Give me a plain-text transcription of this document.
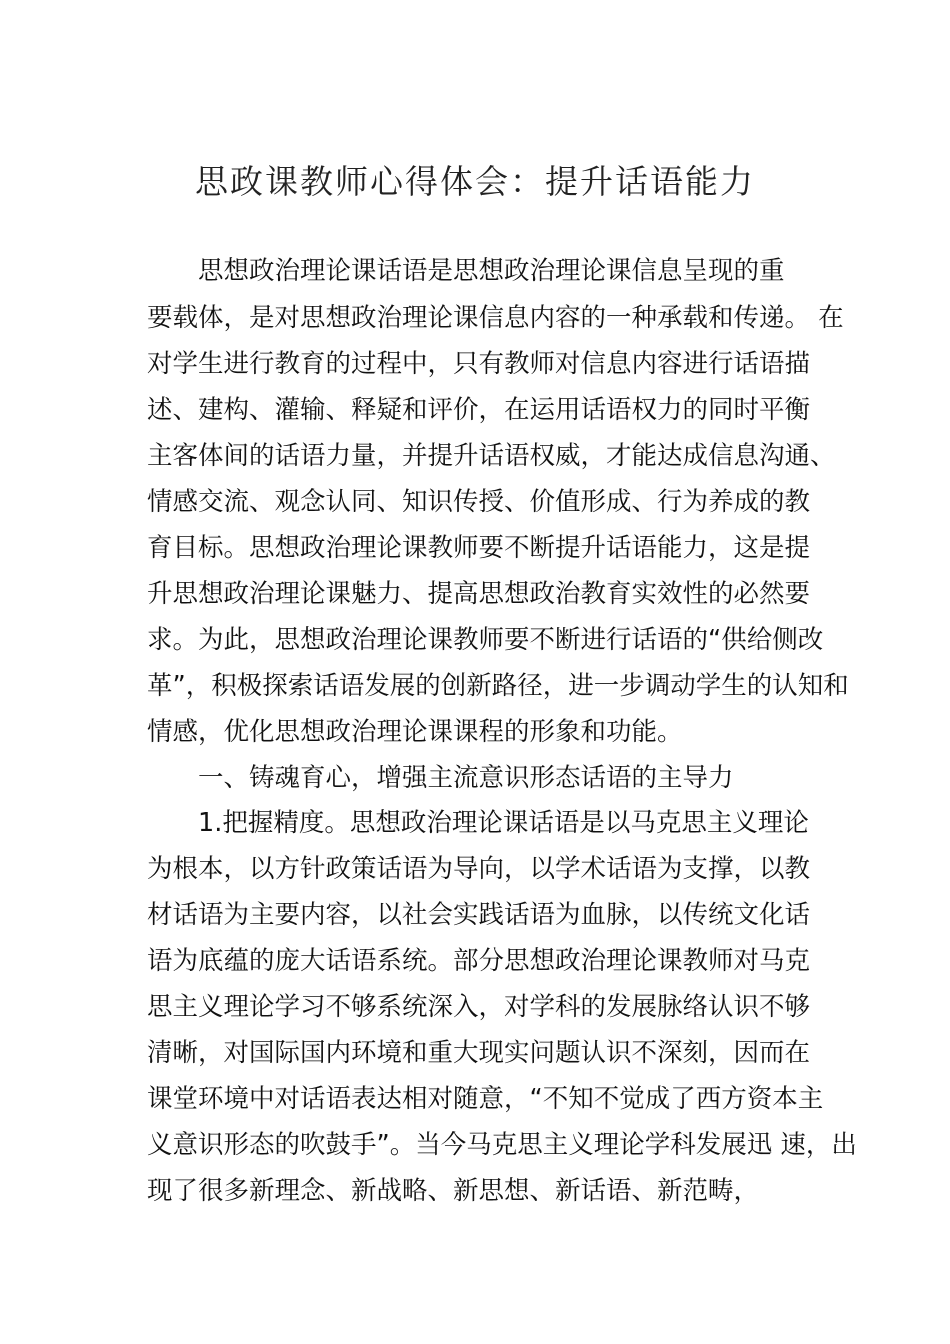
思政课教师心得体会：提升话语能力

思想政治理论课话语是思想政治理论课信息呈现的重

要载体，是对思想政治理论课信息内容的一种承载和传递。 在

对学生进行教育的过程中，只有教师对信息内容进行话语描

述、建构、灌输、释疑和评价，在运用话语权力的同时平衡

主客体间的话语力量，并提升话语权威，才能达成信息沟通、

情感交流、观念认同、知识传授、价值形成、行为养成的教

育目标。思想政治理论课教师要不断提升话语能力，这是提

升思想政治理论课魅力、提高思想政治教育实效性的必然要

求。为此，思想政治理论课教师要不断进行话语的“供给侧改

革”，积极探索话语发展的创新路径，进一步调动学生的认知和

情感，优化思想政治理论课课程的形象和功能。

一、铸魂育心，增强主流意识形态话语的主导力

1.把握精度。思想政治理论课话语是以马克思主义理论

为根本，以方针政策话语为导向，以学术话语为支撑，以教

材话语为主要内容，以社会实践话语为血脉，以传统文化话

语为底蕴的庞大话语系统。部分思想政治理论课教师对马克

思主义理论学习不够系统深入，对学科的发展脉络认识不够

清晰，对国际国内环境和重大现实问题认识不深刻，因而在

课堂环境中对话语表达相对随意，“不知不觉成了西方资本主

义意识形态的吹鼓手”。当今马克思主义理论学科发展迅 速，出

现了很多新理念、新战略、新思想、新话语、新范畴，
